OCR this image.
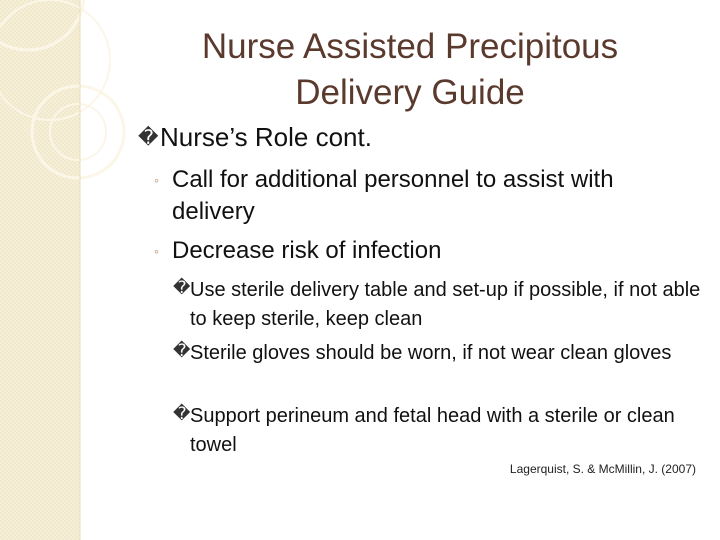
Nurse Assisted Precipitous Delivery Guide
� Nurse’s Role cont.

◦ Call for additional personnel to assist with delivery

◦ Decrease risk of infection

� Use sterile delivery table and set-up if possible, if not able to keep sterile, keep clean

� Sterile gloves should be worn, if not wear clean gloves

� Support perineum and fetal head with a sterile or clean towel

Lagerquist, S. & McMillin, J. (2007)
